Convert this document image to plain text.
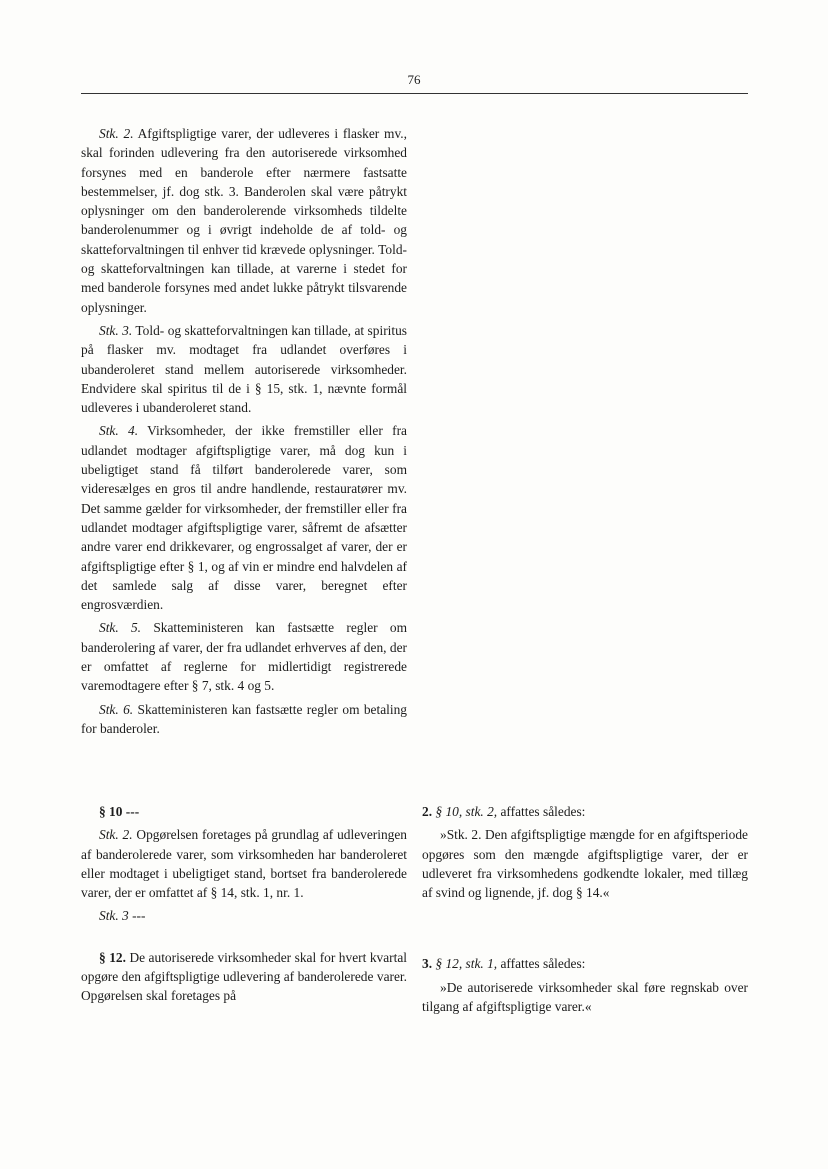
76

Stk. 2. Afgiftspligtige varer, der udleveres i flasker mv., skal forinden udlevering fra den autoriserede virksomhed forsynes med en banderole efter nærmere fastsatte bestemmelser, jf. dog stk. 3. Banderolen skal være påtrykt oplysninger om den banderolerende virksomheds tildelte banderolenummer og i øvrigt indeholde de af told- og skatteforvaltningen til enhver tid krævede oplysninger. Told- og skatteforvaltningen kan tillade, at varerne i stedet for med banderole forsynes med andet lukke påtrykt tilsvarende oplysninger.

Stk. 3. Told- og skatteforvaltningen kan tillade, at spiritus på flasker mv. modtaget fra udlandet overføres i ubanderoleret stand mellem autoriserede virksomheder. Endvidere skal spiritus til de i § 15, stk. 1, nævnte formål udleveres i ubanderoleret stand.

Stk. 4. Virksomheder, der ikke fremstiller eller fra udlandet modtager afgiftspligtige varer, må dog kun i ubeligtiget stand få tilført banderolerede varer, som videresælges en gros til andre handlende, restauratører mv. Det samme gælder for virksomheder, der fremstiller eller fra udlandet modtager afgiftspligtige varer, såfremt de afsætter andre varer end drikkevarer, og engrossalget af varer, der er afgiftspligtige efter § 1, og af vin er mindre end halvdelen af det samlede salg af disse varer, beregnet efter engrosværdien.

Stk. 5. Skatteministeren kan fastsætte regler om banderolering af varer, der fra udlandet erhverves af den, der er omfattet af reglerne for midlertidigt registrerede varemodtagere efter § 7, stk. 4 og 5.

Stk. 6. Skatteministeren kan fastsætte regler om betaling for banderoler.

§ 10 ---

Stk. 2. Opgørelsen foretages på grundlag af udleveringen af banderolerede varer, som virksomheden har banderoleret eller modtaget i ubeligtiget stand, bortset fra banderolerede varer, der er omfattet af § 14, stk. 1, nr. 1.

Stk. 3 ---

§ 12. De autoriserede virksomheder skal for hvert kvartal opgøre den afgiftspligtige udlevering af banderolerede varer. Opgørelsen skal foretages på

2. § 10, stk. 2, affattes således:

»Stk. 2. Den afgiftspligtige mængde for en afgiftsperiode opgøres som den mængde afgiftspligtige varer, der er udleveret fra virksomhedens godkendte lokaler, med tillæg af svind og lignende, jf. dog § 14.«

3. § 12, stk. 1, affattes således:

»De autoriserede virksomheder skal føre regnskab over tilgang af afgiftspligtige varer.«
